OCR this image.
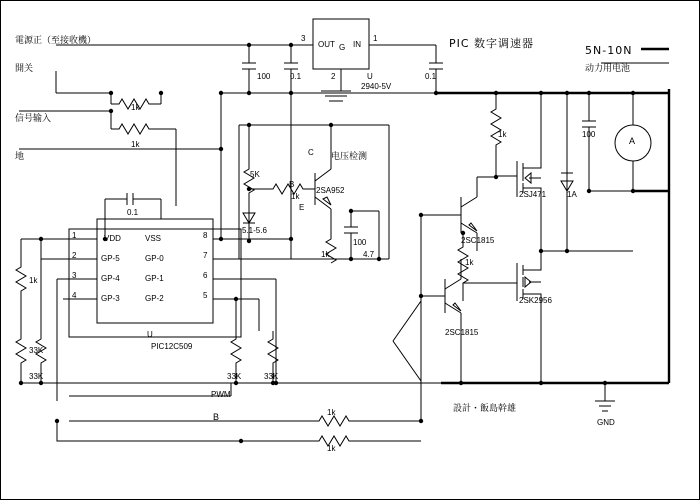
電源正（至接收機）
開关
信号输入
地
PIC 数字调速器
5N-10N
动力用电池
电压检测
設計・飯島幹雄
GND
PWM
B
OUT IN
G
3	1
2	U
2940-5V
100 0.1	0.1
0.1
1k
1k
1k
33K
33K	33K	33K
1
2
3
4
8
7
6
5
VDD
GP-5
GP-4
GP-3
VSS
GP-0
GP-1
GP-2
U
PIC12C509
5K
1k
5.1-5.6
2SA952
C
B
E
1k
100
4.7
1k
1k
2SJ471
2SK2956
1A
2SC1815
2SC1815
100
A
1k
1k
